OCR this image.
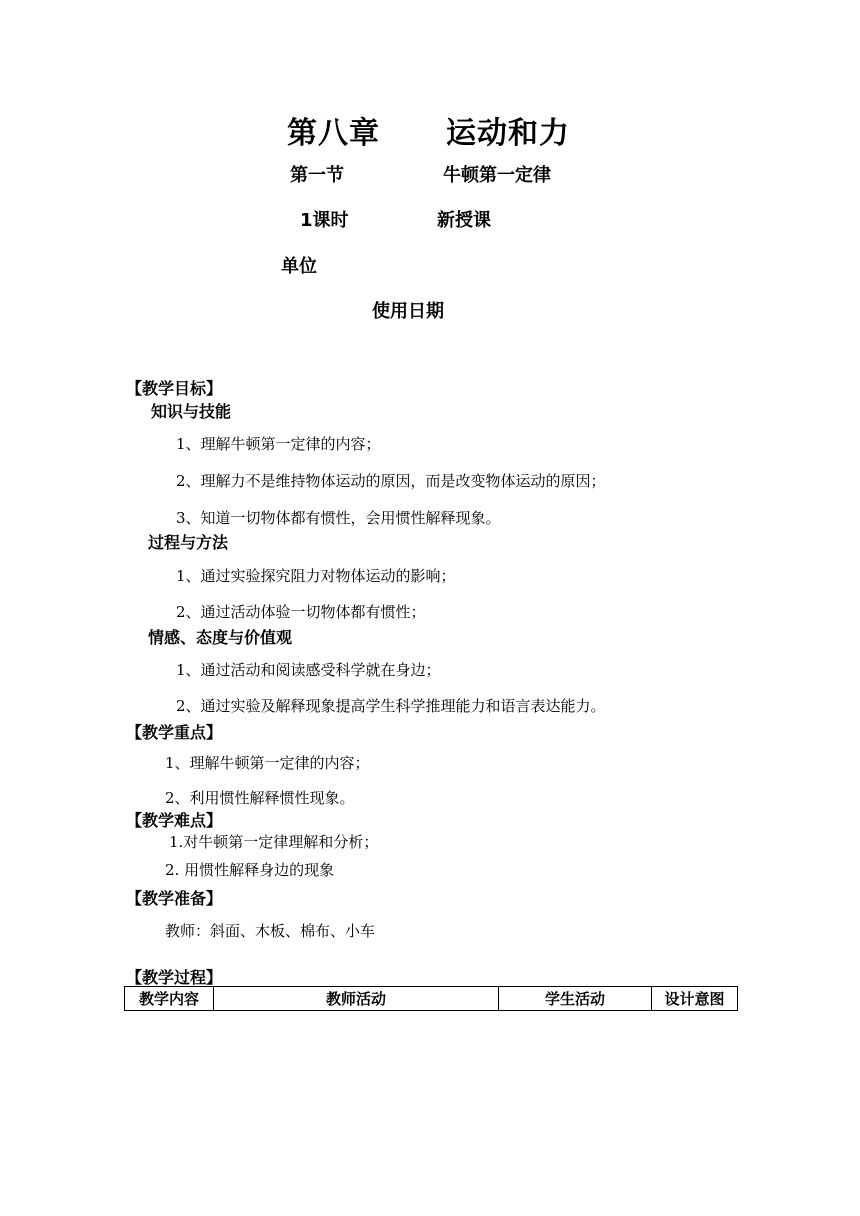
第八章 运动和力
第一节	牛顿第一定律
1课时	新授课
单位
使用日期
【教学目标】
知识与技能
1、理解牛顿第一定律的内容；
2、理解力不是维持物体运动的原因，而是改变物体运动的原因；
3、知道一切物体都有惯性，会用惯性解释现象。
过程与方法
1、通过实验探究阻力对物体运动的影响；
2、通过活动体验一切物体都有惯性；
情感、态度与价值观
1、通过活动和阅读感受科学就在身边；
2、通过实验及解释现象提高学生科学推理能力和语言表达能力。
【教学重点】
1、理解牛顿第一定律的内容；
2、利用惯性解释惯性现象。
【教学难点】
1.对牛顿第一定律理解和分析；
2. 用惯性解释身边的现象
【教学准备】
教师：斜面、木板、棉布、小车
【教学过程】
教学内容	教师活动	学生活动	设计意图
